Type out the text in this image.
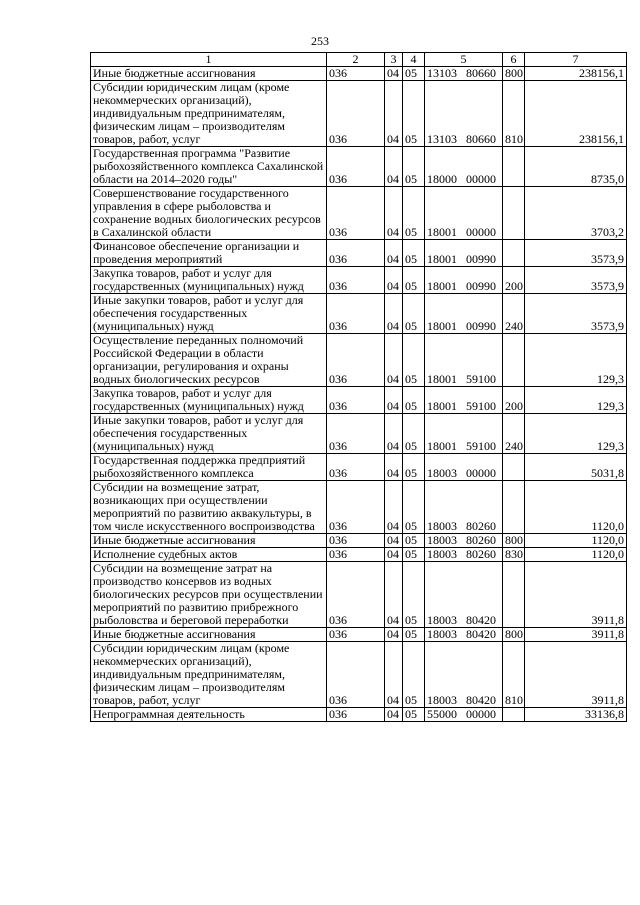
253
1	2	3	4	5	6	7
Иные бюджетные ассигнования	036	04	05	13103 80660	800	238156,1
Субсидии юридическим лицам (кроме некоммерческих организаций), индивидуальным предпринимателям, физическим лицам – производителям товаров, работ, услуг	036	04	05	13103 80660	810	238156,1
Государственная программа "Развитие рыбохозяйственного комплекса Сахалинской области на 2014–2020 годы"	036	04	05	18000 00000		8735,0
Совершенствование государственного управления в сфере рыболовства и сохранение водных биологических ресурсов в Сахалинской области	036	04	05	18001 00000		3703,2
Финансовое обеспечение организации и проведения мероприятий	036	04	05	18001 00990		3573,9
Закупка товаров, работ и услуг для государственных (муниципальных) нужд	036	04	05	18001 00990	200	3573,9
Иные закупки товаров, работ и услуг для обеспечения государственных (муниципальных) нужд	036	04	05	18001 00990	240	3573,9
Осуществление переданных полномочий Российской Федерации в области организации, регулирования и охраны водных биологических ресурсов	036	04	05	18001 59100		129,3
Закупка товаров, работ и услуг для государственных (муниципальных) нужд	036	04	05	18001 59100	200	129,3
Иные закупки товаров, работ и услуг для обеспечения государственных (муниципальных) нужд	036	04	05	18001 59100	240	129,3
Государственная поддержка предприятий рыбохозяйственного комплекса	036	04	05	18003 00000		5031,8
Субсидии на возмещение затрат, возникающих при осуществлении мероприятий по развитию аквакультуры, в том числе искусственного воспроизводства	036	04	05	18003 80260		1120,0
Иные бюджетные ассигнования	036	04	05	18003 80260	800	1120,0
Исполнение судебных актов	036	04	05	18003 80260	830	1120,0
Субсидии на возмещение затрат на производство консервов из водных биологических ресурсов при осуществлении мероприятий по развитию прибрежного рыболовства и береговой переработки	036	04	05	18003 80420		3911,8
Иные бюджетные ассигнования	036	04	05	18003 80420	800	3911,8
Субсидии юридическим лицам (кроме некоммерческих организаций), индивидуальным предпринимателям, физическим лицам – производителям товаров, работ, услуг	036	04	05	18003 80420	810	3911,8
Непрограммная деятельность	036	04	05	55000 00000		33136,8
